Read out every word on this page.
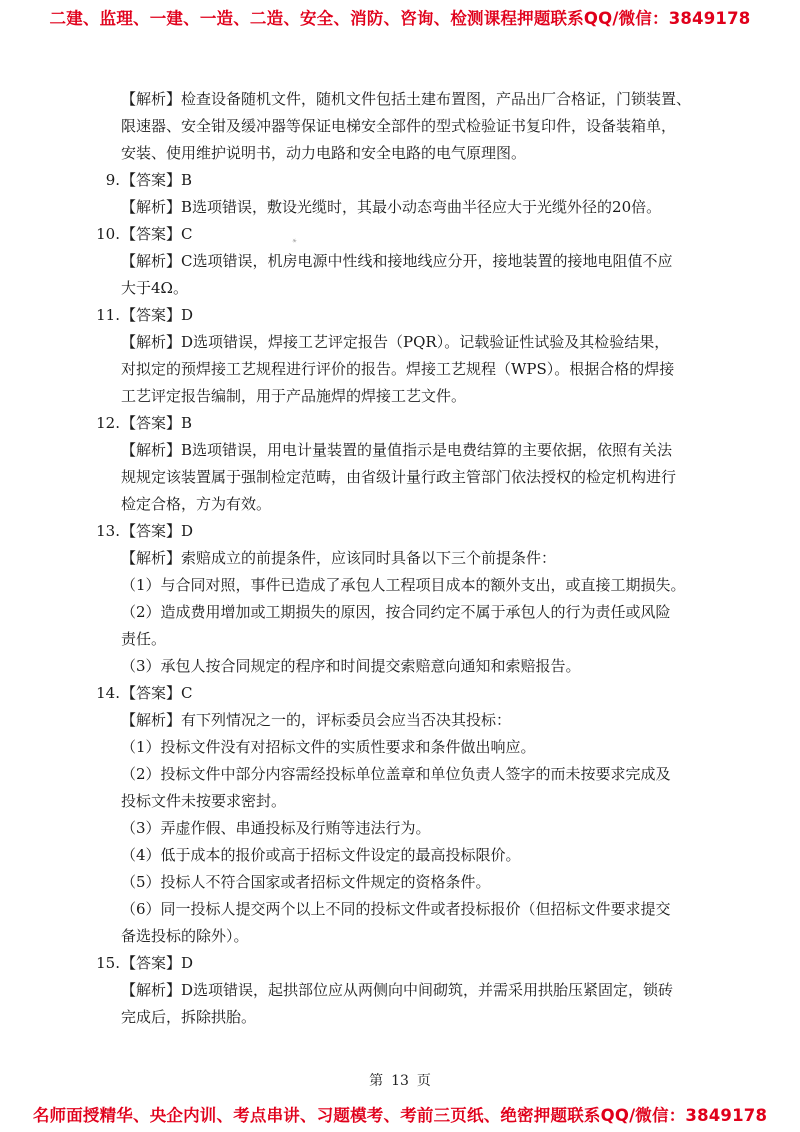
二建、监理、一建、一造、二造、安全、消防、咨询、检测课程押题联系QQ/微信：3849178
✶
【解析】检查设备随机文件，随机文件包括土建布置图，产品出厂合格证，门锁装置、
限速器、安全钳及缓冲器等保证电梯安全部件的型式检验证书复印件，设备装箱单，
安装、使用维护说明书，动力电路和安全电路的电气原理图。
9. 【答案】B
【解析】B选项错误，敷设光缆时，其最小动态弯曲半径应大于光缆外径的20倍。
10. 【答案】C
【解析】C选项错误，机房电源中性线和接地线应分开，接地装置的接地电阻值不应
大于4Ω。
11. 【答案】D
【解析】D选项错误，焊接工艺评定报告（PQR）。记载验证性试验及其检验结果，
对拟定的预焊接工艺规程进行评价的报告。焊接工艺规程（WPS）。根据合格的焊接
工艺评定报告编制，用于产品施焊的焊接工艺文件。
12. 【答案】B
【解析】B选项错误，用电计量装置的量值指示是电费结算的主要依据，依照有关法
规规定该装置属于强制检定范畴，由省级计量行政主管部门依法授权的检定机构进行
检定合格，方为有效。
13. 【答案】D
【解析】索赔成立的前提条件，应该同时具备以下三个前提条件：
（1）与合同对照，事件已造成了承包人工程项目成本的额外支出，或直接工期损失。
（2）造成费用增加或工期损失的原因，按合同约定不属于承包人的行为责任或风险
责任。
（3）承包人按合同规定的程序和时间提交索赔意向通知和索赔报告。
14. 【答案】C
【解析】有下列情况之一的，评标委员会应当否决其投标：
（1）投标文件没有对招标文件的实质性要求和条件做出响应。
（2）投标文件中部分内容需经投标单位盖章和单位负责人签字的而未按要求完成及
投标文件未按要求密封。
（3）弄虚作假、串通投标及行贿等违法行为。
（4）低于成本的报价或高于招标文件设定的最高投标限价。
（5）投标人不符合国家或者招标文件规定的资格条件。
（6）同一投标人提交两个以上不同的投标文件或者投标报价（但招标文件要求提交
备选投标的除外）。
15. 【答案】D
【解析】D选项错误，起拱部位应从两侧向中间砌筑，并需采用拱胎压紧固定，锁砖
完成后，拆除拱胎。
第 13 页
名师面授精华、央企内训、考点串讲、习题模考、考前三页纸、绝密押题联系QQ/微信：3849178
